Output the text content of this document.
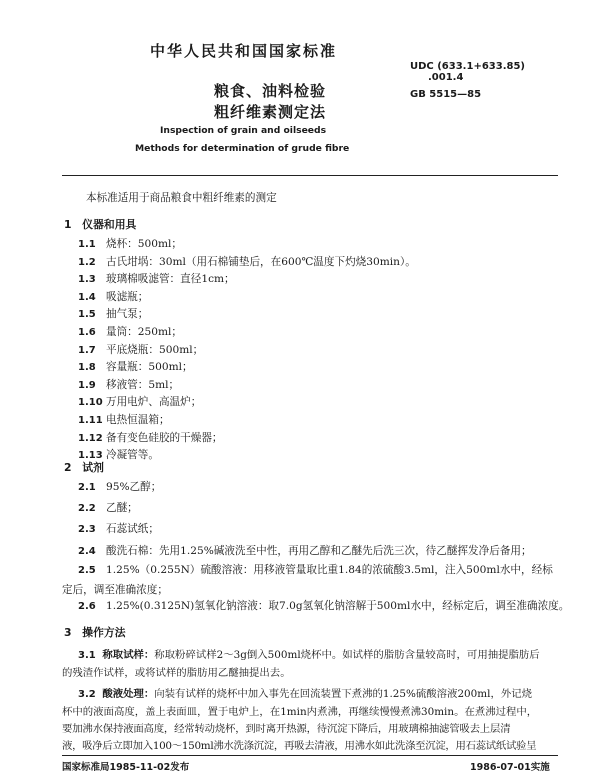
中华人民共和国国家标准
UDC (633.1+633.85)
.001.4
GB 5515—85
粮食、油料检验
粗纤维素测定法
Inspection of grain and oilseeds
Methods for determination of grude fibre
本标准适用于商品粮食中粗纤维素的测定
1　仪器和用具
1.1 烧杯：500ml；
1.2 古氏坩埚：30ml（用石棉铺垫后，在600℃温度下灼烧30min）。
1.3 玻璃棉吸滤管：直径1cm；
1.4 吸滤瓶；
1.5 抽气泵；
1.6 量筒：250ml；
1.7 平底烧瓶：500ml；
1.8 容量瓶：500ml；
1.9 移液管：5ml；
1.10 万用电炉、高温炉；
1.11 电热恒温箱；
1.12 备有变色硅胶的干燥器；
1.13 冷凝管等。
2　试剂
2.1 95%乙醇；
2.2 乙醚；
2.3 石蕊试纸；
2.4 酸洗石棉：先用1.25%碱液洗至中性，再用乙醇和乙醚先后洗三次，待乙醚挥发净后备用；
2.5 1.25%（0.255N）硫酸溶液：用移液管量取比重1.84的浓硫酸3.5ml，注入500ml水中，经标
定后，调至准确浓度；
2.6 1.25%(0.3125N)氢氧化钠溶液：取7.0g氢氧化钠溶解于500ml水中，经标定后，调至准确浓度。
3　操作方法
3.1 称取试样：称取粉碎试样2～3g倒入500ml烧杯中。如试样的脂肪含量较高时，可用抽提脂肪后
的残渣作试样，或将试样的脂肪用乙醚抽提出去。
3.2 酸液处理：向装有试样的烧杯中加入事先在回流装置下煮沸的1.25%硫酸溶液200ml，外记烧
杯中的液面高度，盖上表面皿，置于电炉上，在1min内煮沸，再继续慢慢煮沸30min。在煮沸过程中，
要加沸水保持液面高度，经常转动烧杯，到时离开热源，待沉淀下降后，用玻璃棉抽滤管吸去上层清
液，吸净后立即加入100～150ml沸水洗涤沉淀，再吸去清液，用沸水如此洗涤至沉淀，用石蕊试纸试验呈
国家标准局1985-11-02发布	1986-07-01实施
